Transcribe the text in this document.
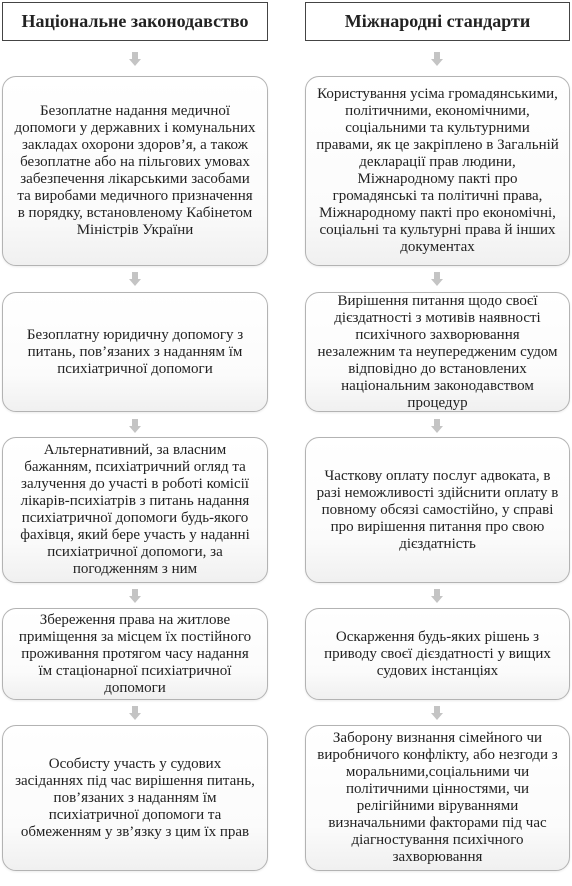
Національне законодавство	Міжнародні стандарти
Безоплатне надання медичної допомоги у державних і комунальних закладах охорони здоров’я, а також безоплатне або на пільгових умовах забезпечення лікарськими засобами та виробами медичного призначення в порядку, встановленому Кабінетом Міністрів України
Безоплатну юридичну допомогу з питань, пов’язаних з наданням їм психіатричної допомоги
Альтернативний, за власним бажанням, психіатричний огляд та залучення до участі в роботі комісії лікарів-психіатрів з питань надання психіатричної допомоги будь-якого фахівця, який бере участь у наданні психіатричної допомоги, за погодженням з ним
Збереження права на житлове приміщення за місцем їх постійного проживання протягом часу надання їм стаціонарної психіатричної допомоги
Особисту участь у судових засіданнях під час вирішення питань, пов’язаних з наданням їм психіатричної допомоги та обмеженням у зв’язку з цим їх прав
Користування усіма громадянськими, політичними, економічними, соціальними та культурними правами, як це закріплено в Загальній декларації прав людини, Міжнародному пакті про громадянські та політичні права, Міжнародному пакті про економічні, соціальні та культурні права й інших документах
Вирішення питання щодо своєї дієздатності з мотивів наявності психічного захворювання незалежним та неупередженим судом відповідно до встановлених національним законодавством процедур
Часткову оплату послуг адвоката, в разі неможливості здійснити оплату в повному обсязі самостійно, у справі про вирішення питання про свою дієздатність
Оскарження будь-яких рішень з приводу своєї дієздатності у вищих судових інстанціях
Заборону визнання сімейного чи виробничого конфлікту, або незгоди з моральними,соціальними чи політичними цінностями, чи релігійними віруваннями визначальними факторами під час діагностування психічного захворювання
